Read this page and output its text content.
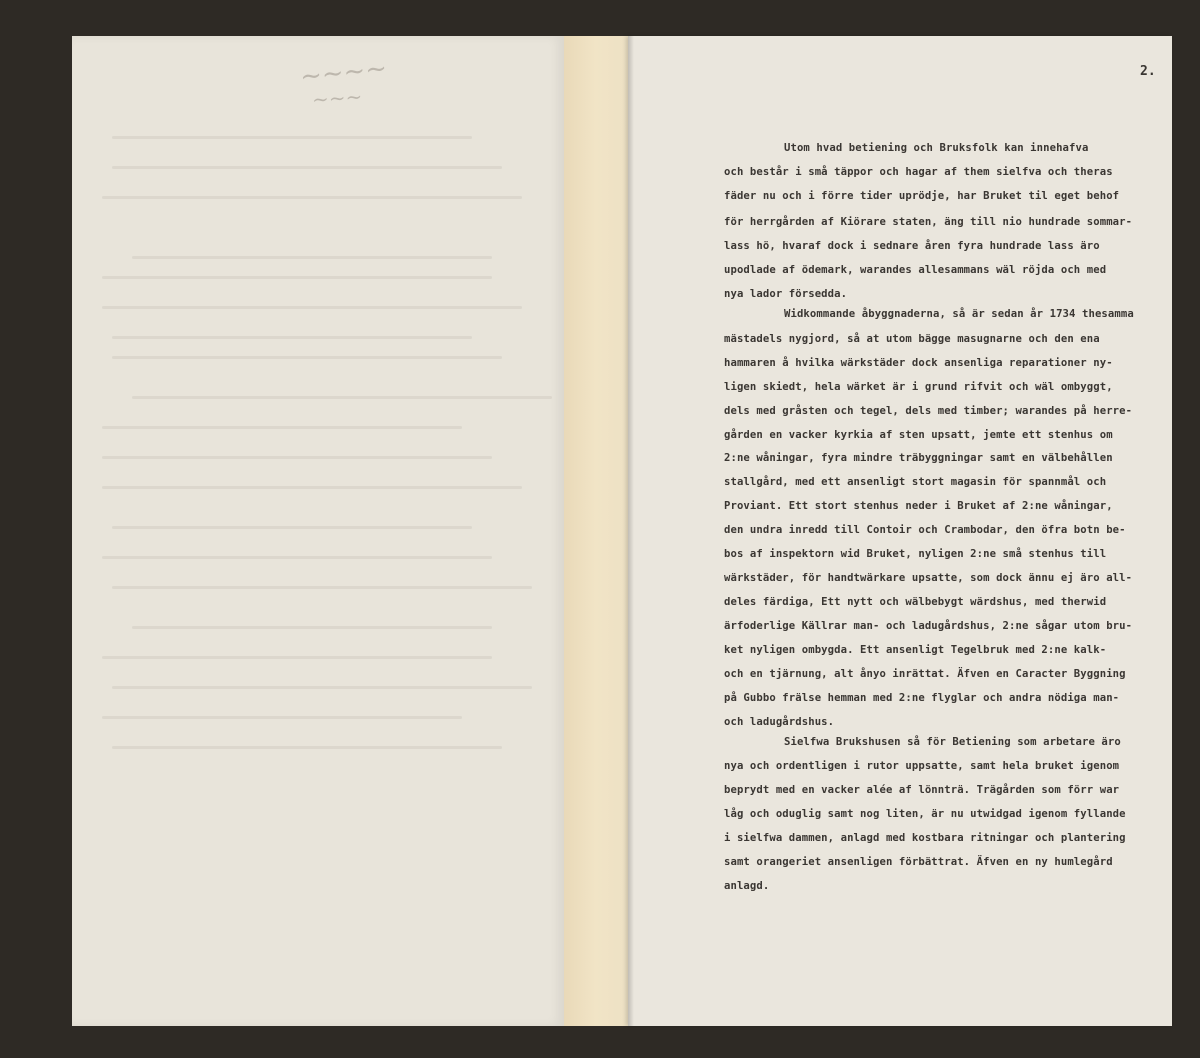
~~~~
~~~
Utom hvad betiening och Bruksfolk kan innehafva
och består i små täppor och hagar af them sielfva och theras
fäder nu och i förre tider uprödje, har Bruket til eget behof
för herrgården af Kiörare staten, äng till nio hundrade sommar-
lass hö, hvaraf dock i sednare åren fyra hundrade lass äro
upodlade af ödemark, warandes allesammans wäl röjda och med
nya lador försedda.
Widkommande åbyggnaderna, så är sedan år 1734 thesamma
mästadels nygjord, så at utom bägge masugnarne och den ena
hammaren å hvilka wärkstäder dock ansenliga reparationer ny-
ligen skiedt, hela wärket är i grund rifvit och wäl ombyggt,
dels med gråsten och tegel, dels med timber; warandes på herre-
gården en vacker kyrkia af sten upsatt, jemte ett stenhus om
2:ne wåningar, fyra mindre träbyggningar samt en välbehållen
stallgård, med ett ansenligt stort magasin för spannmål och
Proviant. Ett stort stenhus neder i Bruket af 2:ne wåningar,
den undra inredd till Contoir och Crambodar, den öfra botn be-
bos af inspektorn wid Bruket, nyligen 2:ne små stenhus till
wärkstäder, för handtwärkare upsatte, som dock ännu ej äro all-
deles färdiga, Ett nytt och wälbebygt wärdshus, med therwid
ärfoderlige Källrar man- och ladugårdshus, 2:ne sågar utom bru-
ket nyligen ombygda. Ett ansenligt Tegelbruk med 2:ne kalk-
och en tjärnung, alt ånyo inrättat. Äfven en Caracter Byggning
på Gubbo frälse hemman med 2:ne flyglar och andra nödiga man-
och ladugårdshus.
Sielfwa Brukshusen så för Betiening som arbetare äro
nya och ordentligen i rutor uppsatte, samt hela bruket igenom
beprydt med en vacker alée af lönnträ. Trägården som förr war
låg och oduglig samt nog liten, är nu utwidgad igenom fyllande
i sielfwa dammen, anlagd med kostbara ritningar och plantering
samt orangeriet ansenligen förbättrat. Äfven en ny humlegård
anlagd.
2.
